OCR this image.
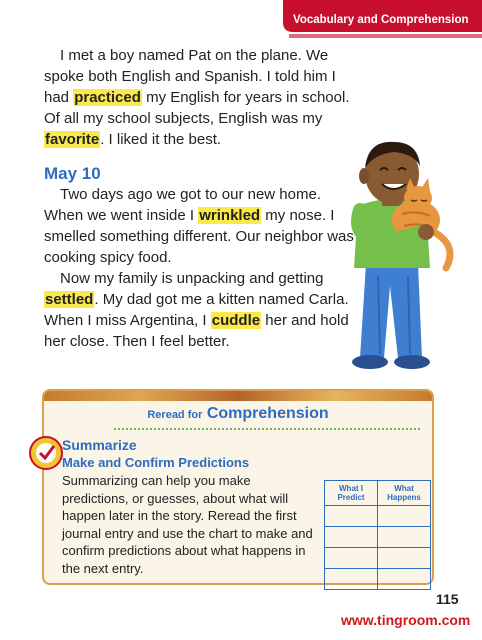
Vocabulary and Comprehension

I met a boy named Pat on the plane. We spoke both English and Spanish. I told him I had practiced my English for years in school. Of all my school subjects, English was my favorite. I liked it the best.

May 10

Two days ago we got to our new home. When we went inside I wrinkled my nose. I smelled something different. Our neighbor was cooking spicy food.

Now my family is unpacking and getting settled. My dad got me a kitten named Carla. When I miss Argentina, I cuddle her and hold her close. Then I feel better.

Reread for Comprehension
Summarize
Make and Confirm Predictions

Summarizing can help you make predictions, or guesses, about what will happen later in the story. Reread the first journal entry and use the chart to make and confirm predictions about what happens in the next entry.

What I Predict	What Happens

115
www.tingroom.com
